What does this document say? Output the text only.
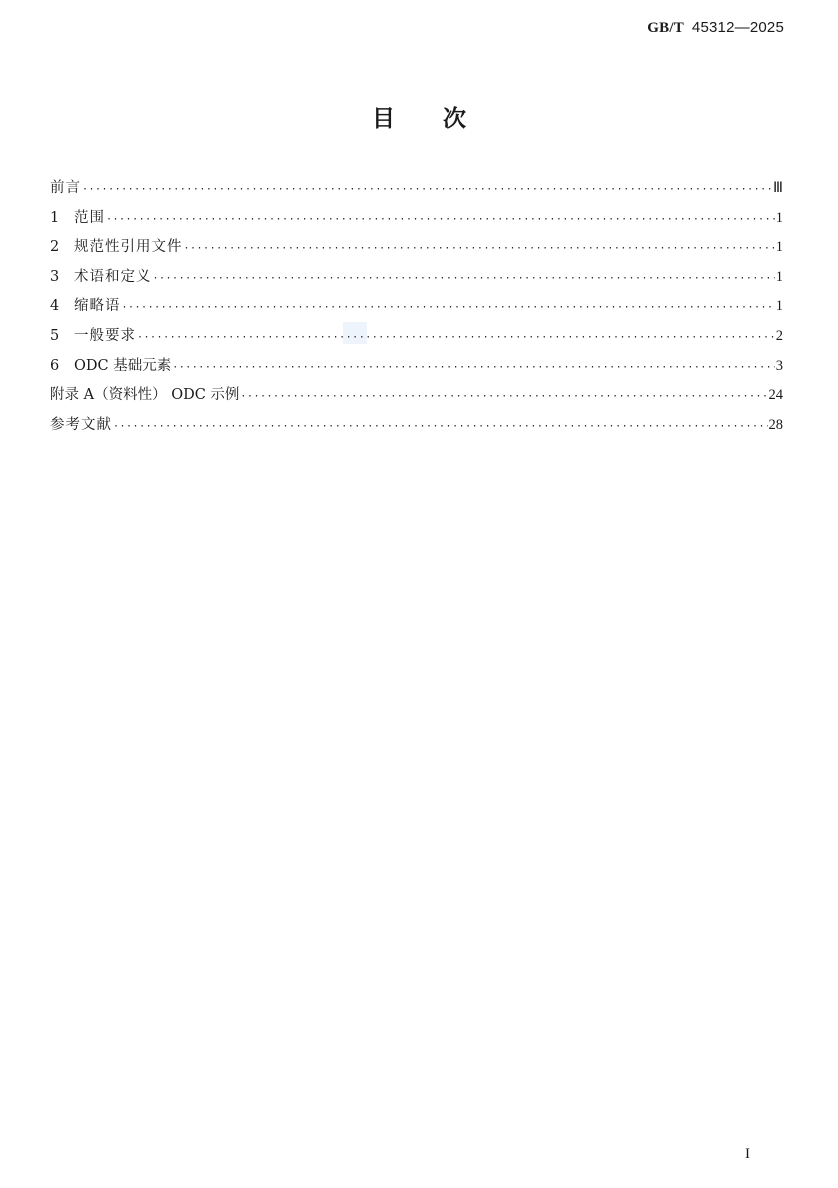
GB/T 45312—2025
目 次
前言 ·····	Ⅲ
1	范围 ·····	1
2	规范性引用文件 ·····	1
3	术语和定义 ·····	1
4	缩略语 ·····	1
5	一般要求 ·····	2
6	ODC 基础元素 ·····	3
附录 A（资料性） ODC 示例 ·····	24
参考文献 ·····	28
I
